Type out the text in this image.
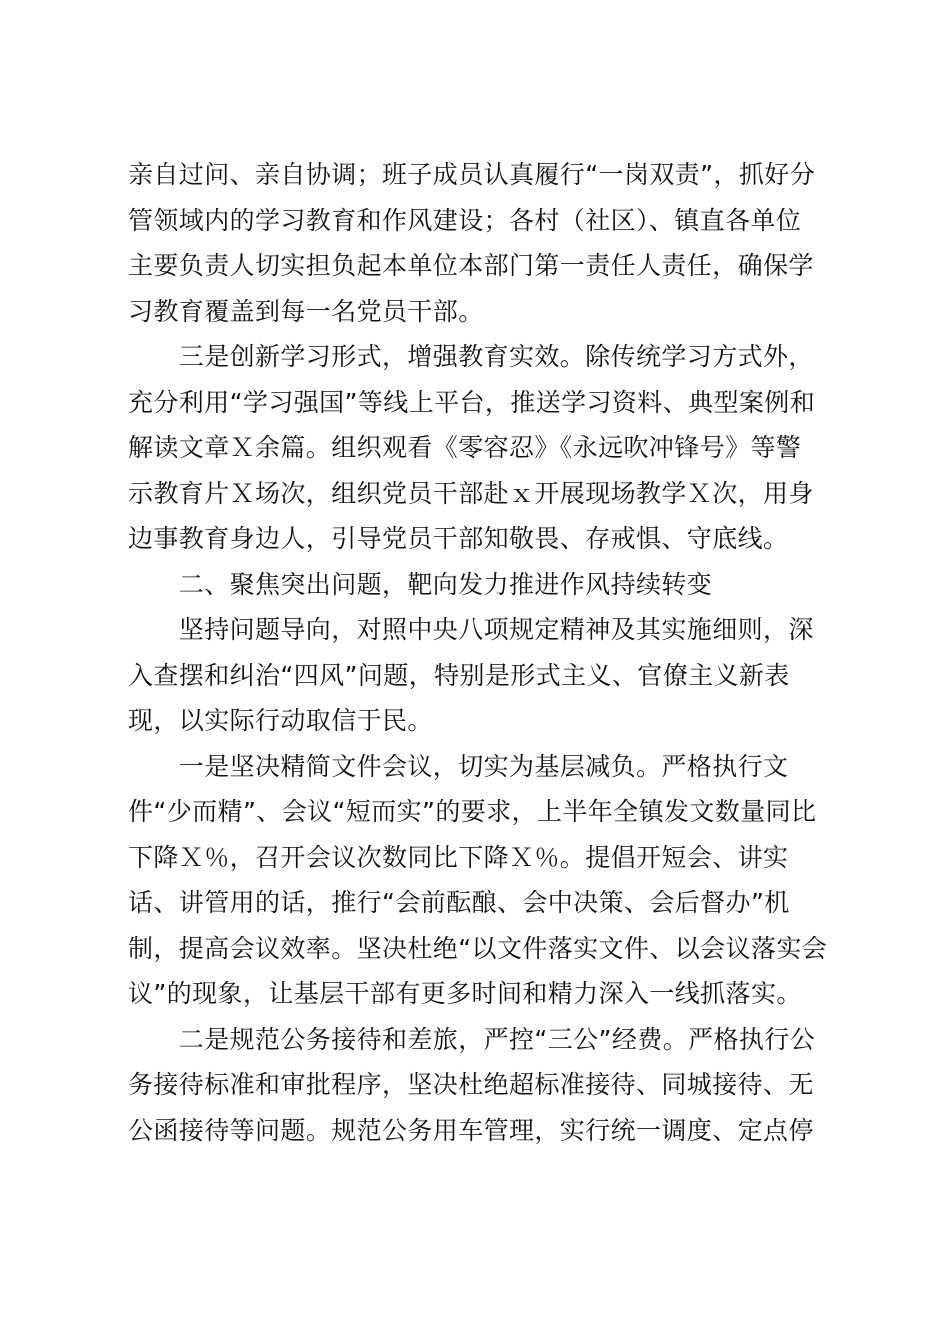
亲自过问、亲自协调；班子成员认真履行“一岗双责”，抓好分

管领域内的学习教育和作风建设；各村（社区）、镇直各单位

主要负责人切实担负起本单位本部门第一责任人责任，确保学

习教育覆盖到每一名党员干部。

　　三是创新学习形式，增强教育实效。除传统学习方式外，

充分利用“学习强国”等线上平台，推送学习资料、典型案例和

解读文章Ｘ余篇。组织观看《零容忍》《永远吹冲锋号》等警

示教育片Ｘ场次，组织党员干部赴ｘ开展现场教学Ｘ次，用身

边事教育身边人，引导党员干部知敬畏、存戒惧、守底线。

　　二、聚焦突出问题，靶向发力推进作风持续转变

　　坚持问题导向，对照中央八项规定精神及其实施细则，深

入查摆和纠治“四风”问题，特别是形式主义、官僚主义新表

现，以实际行动取信于民。

　　一是坚决精简文件会议，切实为基层减负。严格执行文

件“少而精”、会议“短而实”的要求，上半年全镇发文数量同比

下降Ｘ％，召开会议次数同比下降Ｘ％。提倡开短会、讲实

话、讲管用的话，推行“会前酝酿、会中决策、会后督办”机

制，提高会议效率。坚决杜绝“以文件落实文件、以会议落实会

议”的现象，让基层干部有更多时间和精力深入一线抓落实。

　　二是规范公务接待和差旅，严控“三公”经费。严格执行公

务接待标准和审批程序，坚决杜绝超标准接待、同城接待、无

公函接待等问题。规范公务用车管理，实行统一调度、定点停
